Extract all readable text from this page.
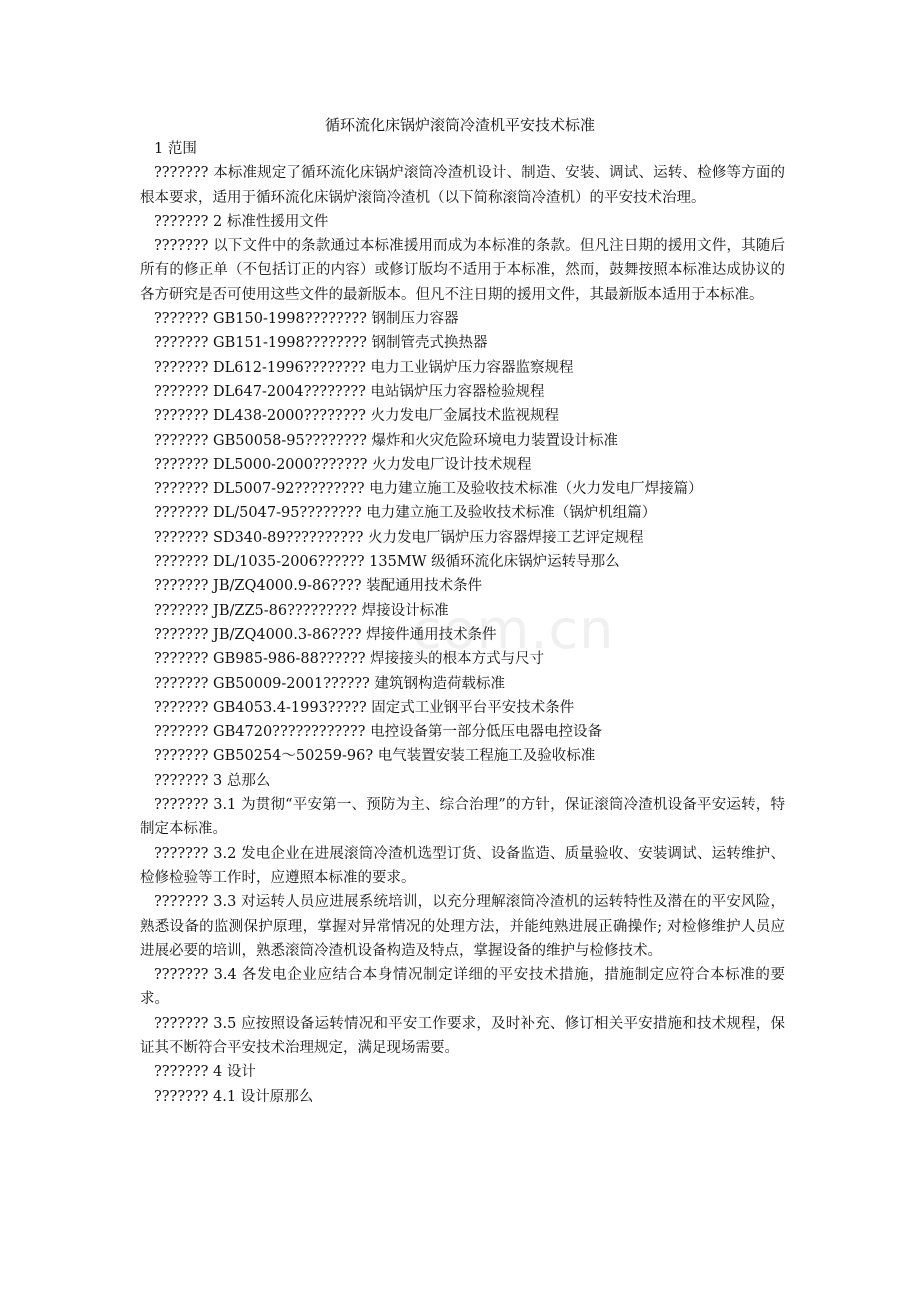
com.cn
循环流化床锅炉滚筒冷渣机平安技术标准

1 范围

??????? 本标准规定了循环流化床锅炉滚筒冷渣机设计、制造、安装、调试、运转、检修等方面的根本要求，适用于循环流化床锅炉滚筒冷渣机（以下简称滚筒冷渣机）的平安技术治理。

??????? 2 标准性援用文件

??????? 以下文件中的条款通过本标准援用而成为本标准的条款。但凡注日期的援用文件，其随后所有的修正单（不包括订正的内容）或修订版均不适用于本标准，然而，鼓舞按照本标准达成协议的各方研究是否可使用这些文件的最新版本。但凡不注日期的援用文件，其最新版本适用于本标准。

??????? GB150-1998???????? 钢制压力容器

??????? GB151-1998???????? 钢制管壳式换热器

??????? DL612-1996???????? 电力工业锅炉压力容器监察规程

??????? DL647-2004???????? 电站锅炉压力容器检验规程

??????? DL438-2000???????? 火力发电厂金属技术监视规程

??????? GB50058-95???????? 爆炸和火灾危险环境电力装置设计标准

??????? DL5000-2000??????? 火力发电厂设计技术规程

??????? DL5007-92????????? 电力建立施工及验收技术标准（火力发电厂焊接篇）

??????? DL/5047-95???????? 电力建立施工及验收技术标准（锅炉机组篇）

??????? SD340-89?????????? 火力发电厂锅炉压力容器焊接工艺评定规程

??????? DL/1035-2006?????? 135MW 级循环流化床锅炉运转导那么

??????? JB/ZQ4000.9-86???? 装配通用技术条件

??????? JB/ZZ5-86????????? 焊接设计标准

??????? JB/ZQ4000.3-86???? 焊接件通用技术条件

??????? GB985-986-88?????? 焊接接头的根本方式与尺寸

??????? GB50009-2001?????? 建筑钢构造荷载标准

??????? GB4053.4-1993????? 固定式工业钢平台平安技术条件

??????? GB4720???????????? 电控设备第一部分低压电器电控设备

??????? GB50254～50259-96? 电气装置安装工程施工及验收标准

??????? 3 总那么

??????? 3.1 为贯彻“平安第一、预防为主、综合治理”的方针，保证滚筒冷渣机设备平安运转，特制定本标准。

??????? 3.2 发电企业在进展滚筒冷渣机选型订货、设备监造、质量验收、安装调试、运转维护、检修检验等工作时，应遵照本标准的要求。

??????? 3.3 对运转人员应进展系统培训，以充分理解滚筒冷渣机的运转特性及潜在的平安风险，熟悉设备的监测保护原理，掌握对异常情况的处理方法，并能纯熟进展正确操作; 对检修维护人员应进展必要的培训，熟悉滚筒冷渣机设备构造及特点，掌握设备的维护与检修技术。

??????? 3.4 各发电企业应结合本身情况制定详细的平安技术措施，措施制定应符合本标准的要求。

??????? 3.5 应按照设备运转情况和平安工作要求，及时补充、修订相关平安措施和技术规程，保证其不断符合平安技术治理规定，满足现场需要。

??????? 4 设计

??????? 4.1 设计原那么
